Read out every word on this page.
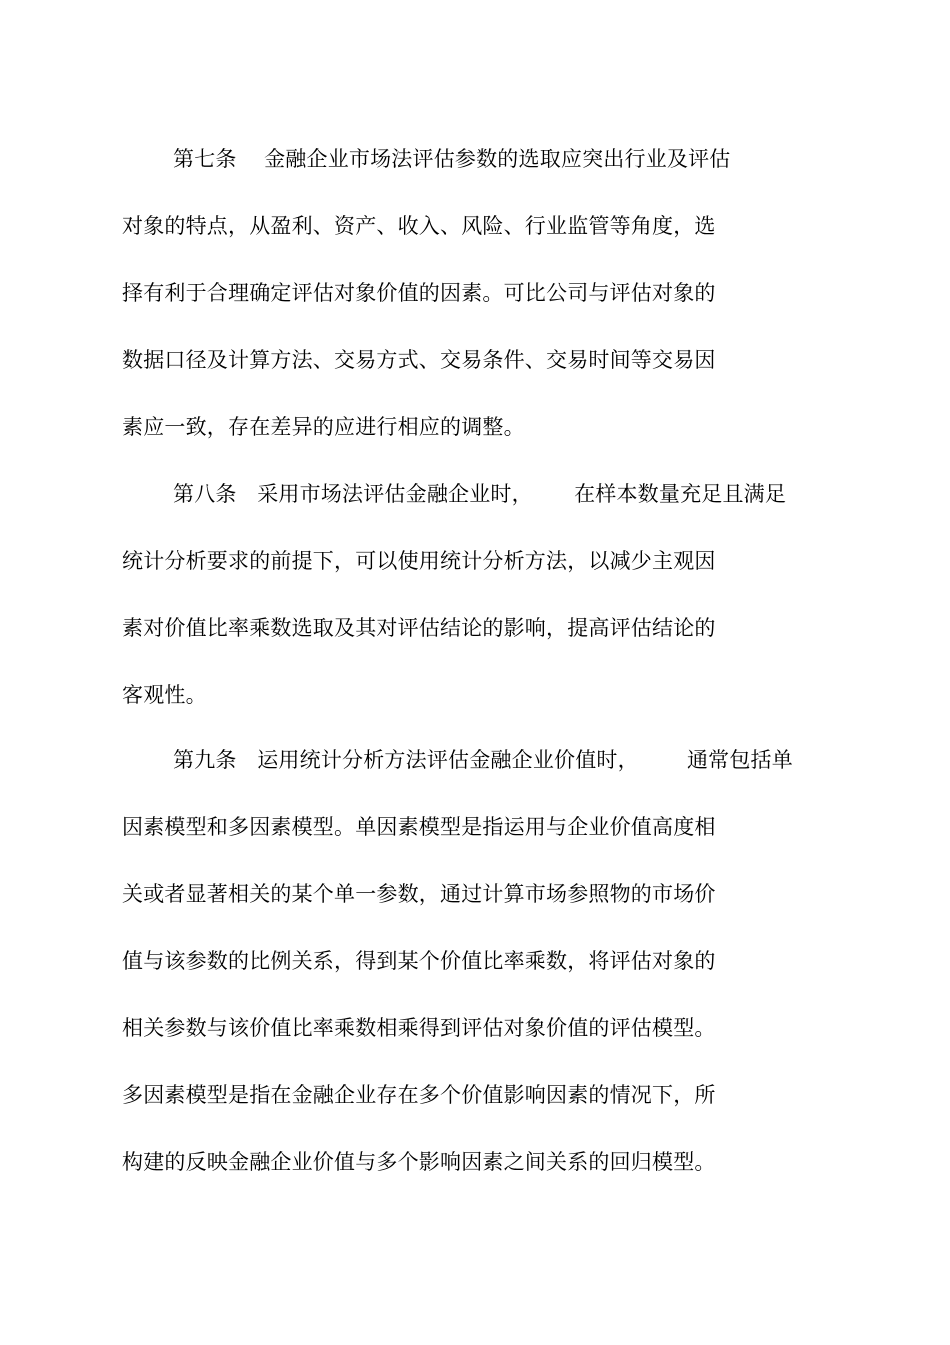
第七条    金融企业市场法评估参数的选取应突出行业及评估
对象的特点，从盈利、资产、收入、风险、行业监管等角度，选
择有利于合理确定评估对象价值的因素。可比公司与评估对象的
数据口径及计算方法、交易方式、交易条件、交易时间等交易因
素应一致，存在差异的应进行相应的调整。
第八条   采用市场法评估金融企业时，      在样本数量充足且满足
统计分析要求的前提下，可以使用统计分析方法，以减少主观因
素对价值比率乘数选取及其对评估结论的影响，提高评估结论的
客观性。
第九条   运用统计分析方法评估金融企业价值时，       通常包括单
因素模型和多因素模型。单因素模型是指运用与企业价值高度相
关或者显著相关的某个单一参数，通过计算市场参照物的市场价
值与该参数的比例关系，得到某个价值比率乘数，将评估对象的
相关参数与该价值比率乘数相乘得到评估对象价值的评估模型。
多因素模型是指在金融企业存在多个价值影响因素的情况下，所
构建的反映金融企业价值与多个影响因素之间关系的回归模型。
